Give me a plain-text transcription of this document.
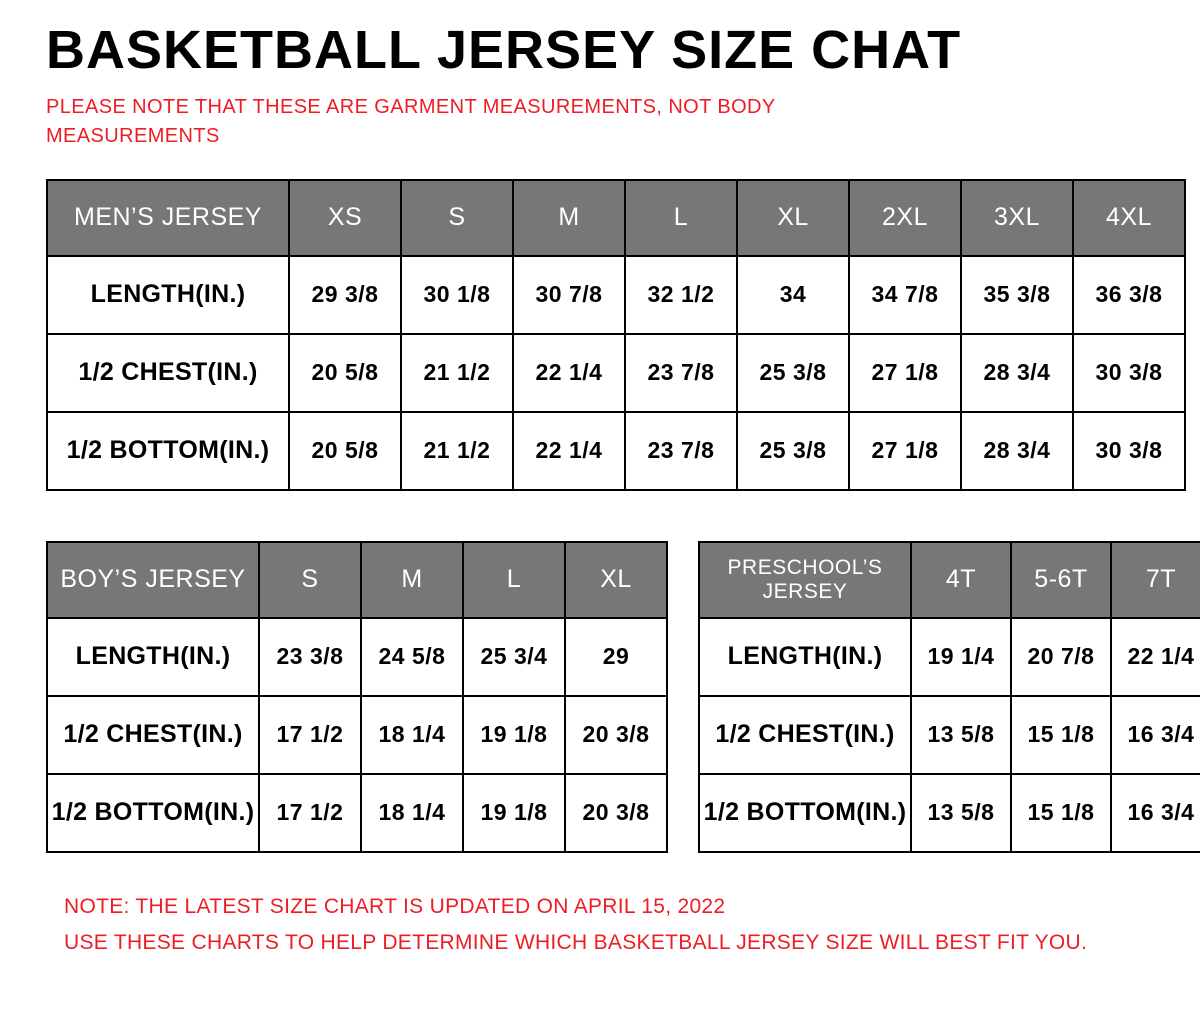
BASKETBALL JERSEY SIZE CHAT

PLEASE NOTE THAT THESE ARE GARMENT MEASUREMENTS, NOT BODY MEASUREMENTS

MEN’S JERSEY	XS	S	M	L	XL	2XL	3XL	4XL
LENGTH(IN.)	29 3/8	30 1/8	30 7/8	32 1/2	34	34 7/8	35 3/8	36 3/8
1/2 CHEST(IN.)	20 5/8	21 1/2	22 1/4	23 7/8	25 3/8	27 1/8	28 3/4	30 3/8
1/2 BOTTOM(IN.)	20 5/8	21 1/2	22 1/4	23 7/8	25 3/8	27 1/8	28 3/4	30 3/8
BOY’S JERSEY	S	M	L	XL
LENGTH(IN.)	23 3/8	24 5/8	25 3/4	29
1/2 CHEST(IN.)	17 1/2	18 1/4	19 1/8	20 3/8
1/2 BOTTOM(IN.)	17 1/2	18 1/4	19 1/8	20 3/8
PRESCHOOL’S JERSEY	4T	5-6T	7T
LENGTH(IN.)	19 1/4	20 7/8	22 1/4
1/2 CHEST(IN.)	13 5/8	15 1/8	16 3/4
1/2 BOTTOM(IN.)	13 5/8	15 1/8	16 3/4
NOTE: THE LATEST SIZE CHART IS UPDATED ON APRIL 15, 2022
USE THESE CHARTS TO HELP DETERMINE WHICH BASKETBALL JERSEY SIZE WILL BEST FIT YOU.
